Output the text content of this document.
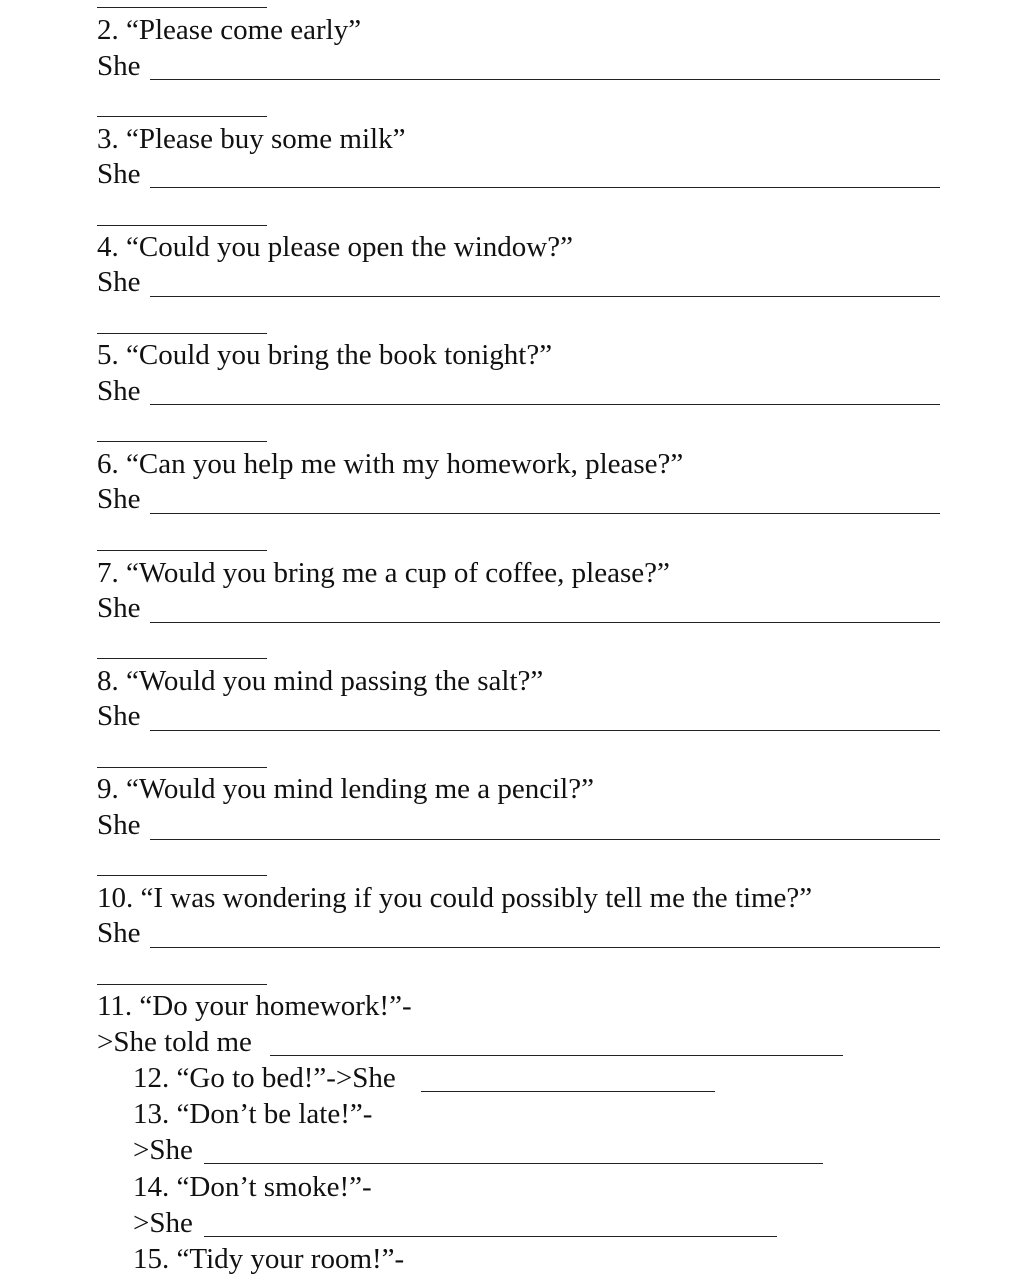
2. “Please come early”
She
3. “Please buy some milk”
She
4. “Could you please open the window?”
She
5. “Could you bring the book tonight?”
She
6. “Can you help me with my homework, please?”
She
7. “Would you bring me a cup of coffee, please?”
She
8. “Would you mind passing the salt?”
She
9. “Would you mind lending me a pencil?”
She
10. “I was wondering if you could possibly tell me the time?”
She
11. “Do your homework!”-
>She told me
12. “Go to bed!”->She
13. “Don’t be late!”-
>She
14. “Don’t smoke!”-
>She
15. “Tidy your room!”-
